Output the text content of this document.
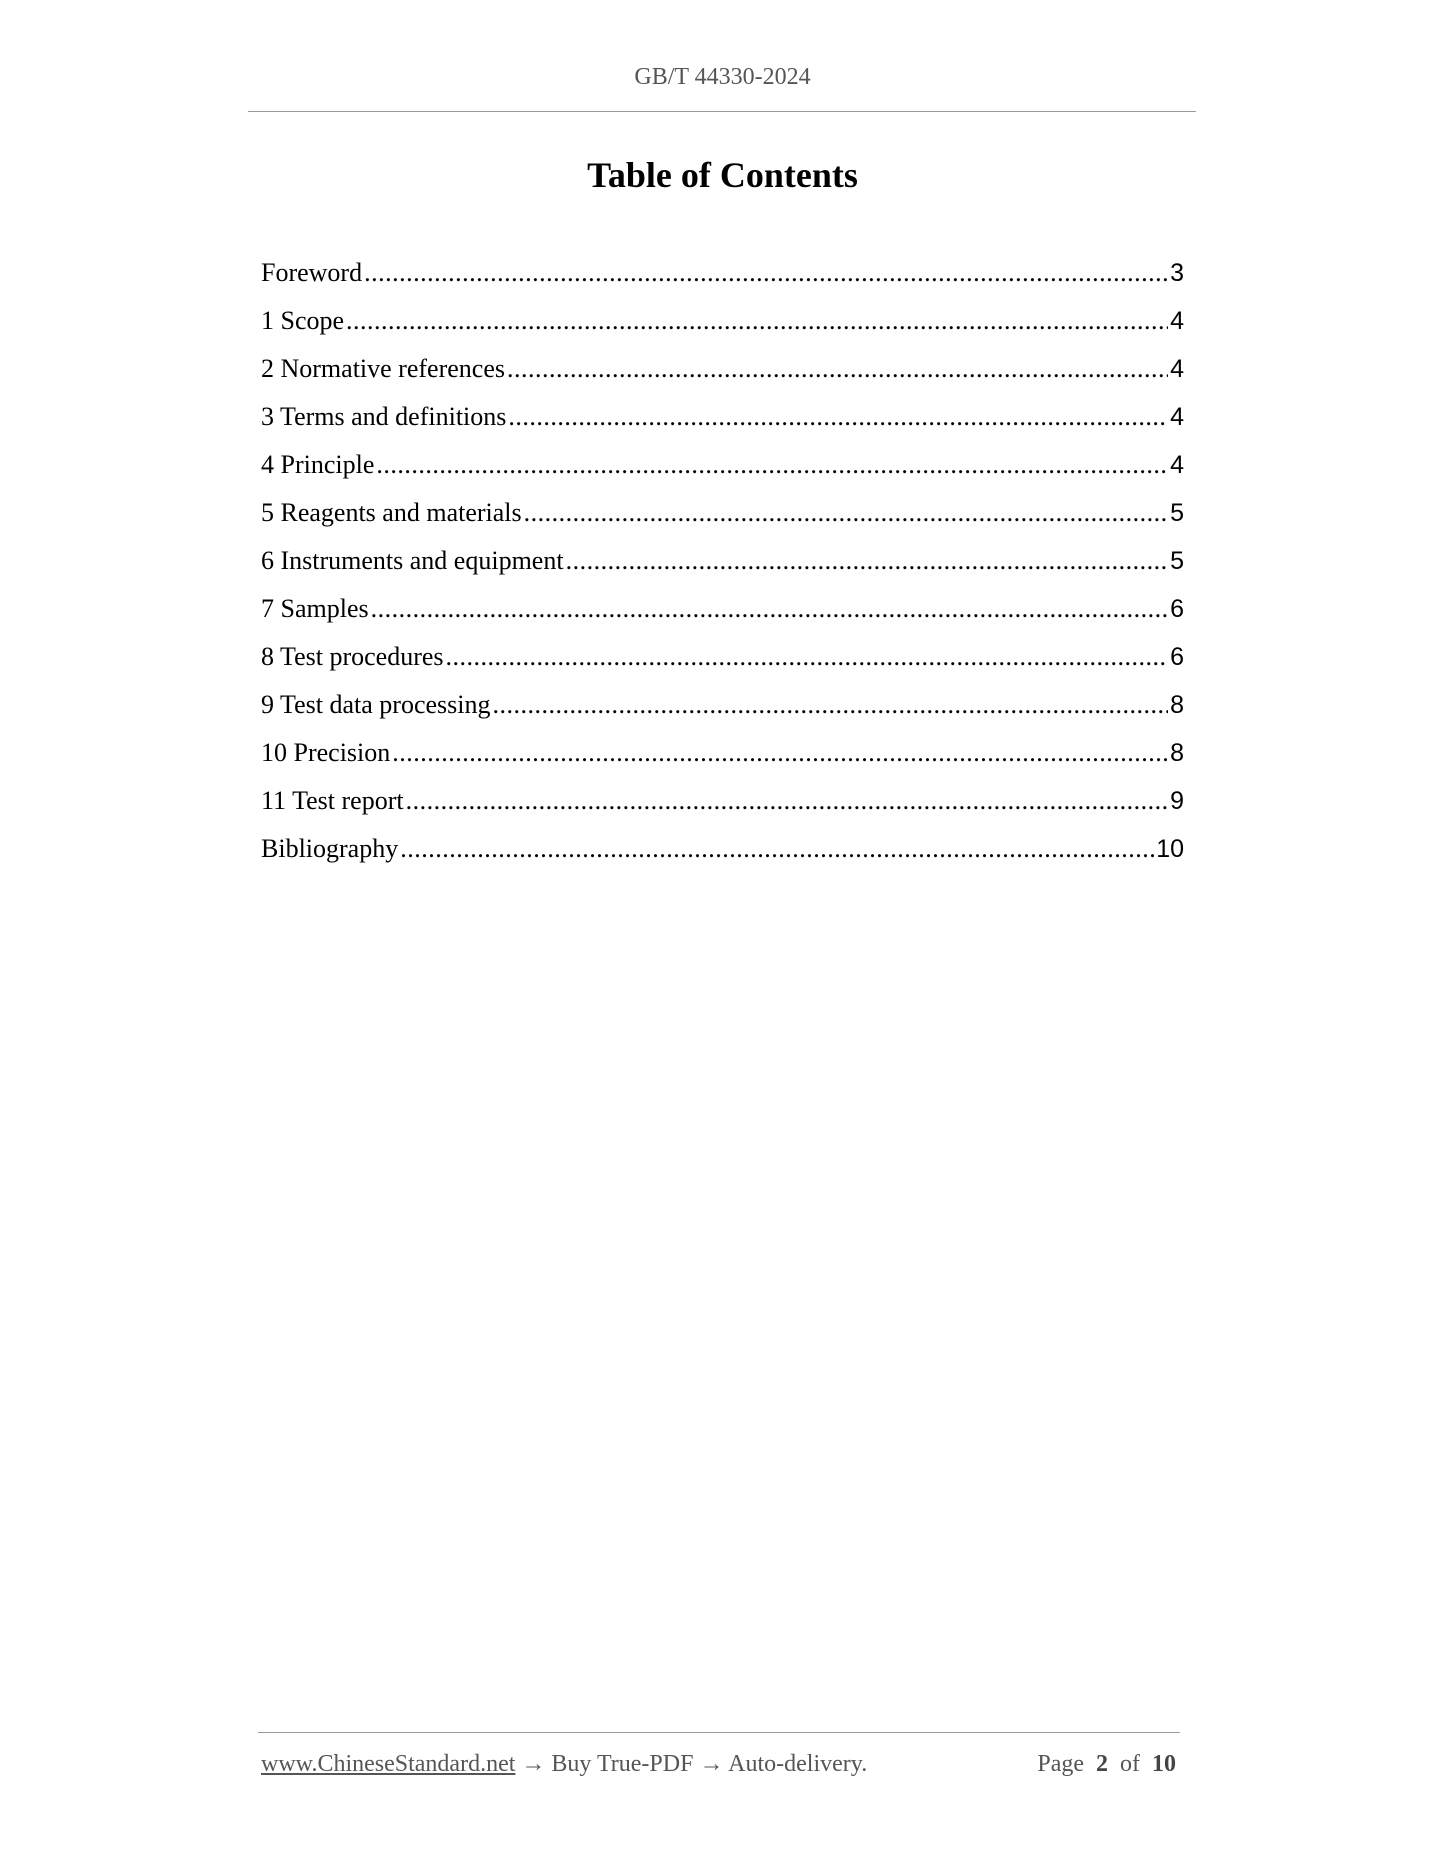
GB/T 44330-2024
Table of Contents
Foreword .....	3
1 Scope .....	4
2 Normative references .....	4
3 Terms and definitions .....	4
4 Principle .....	4
5 Reagents and materials .....	5
6 Instruments and equipment .....	5
7 Samples .....	6
8 Test procedures .....	6
9 Test data processing .....	8
10 Precision .....	8
11 Test report .....	9
Bibliography .....	10
www.ChineseStandard.net → Buy True-PDF → Auto-delivery.	Page 2 of 10
